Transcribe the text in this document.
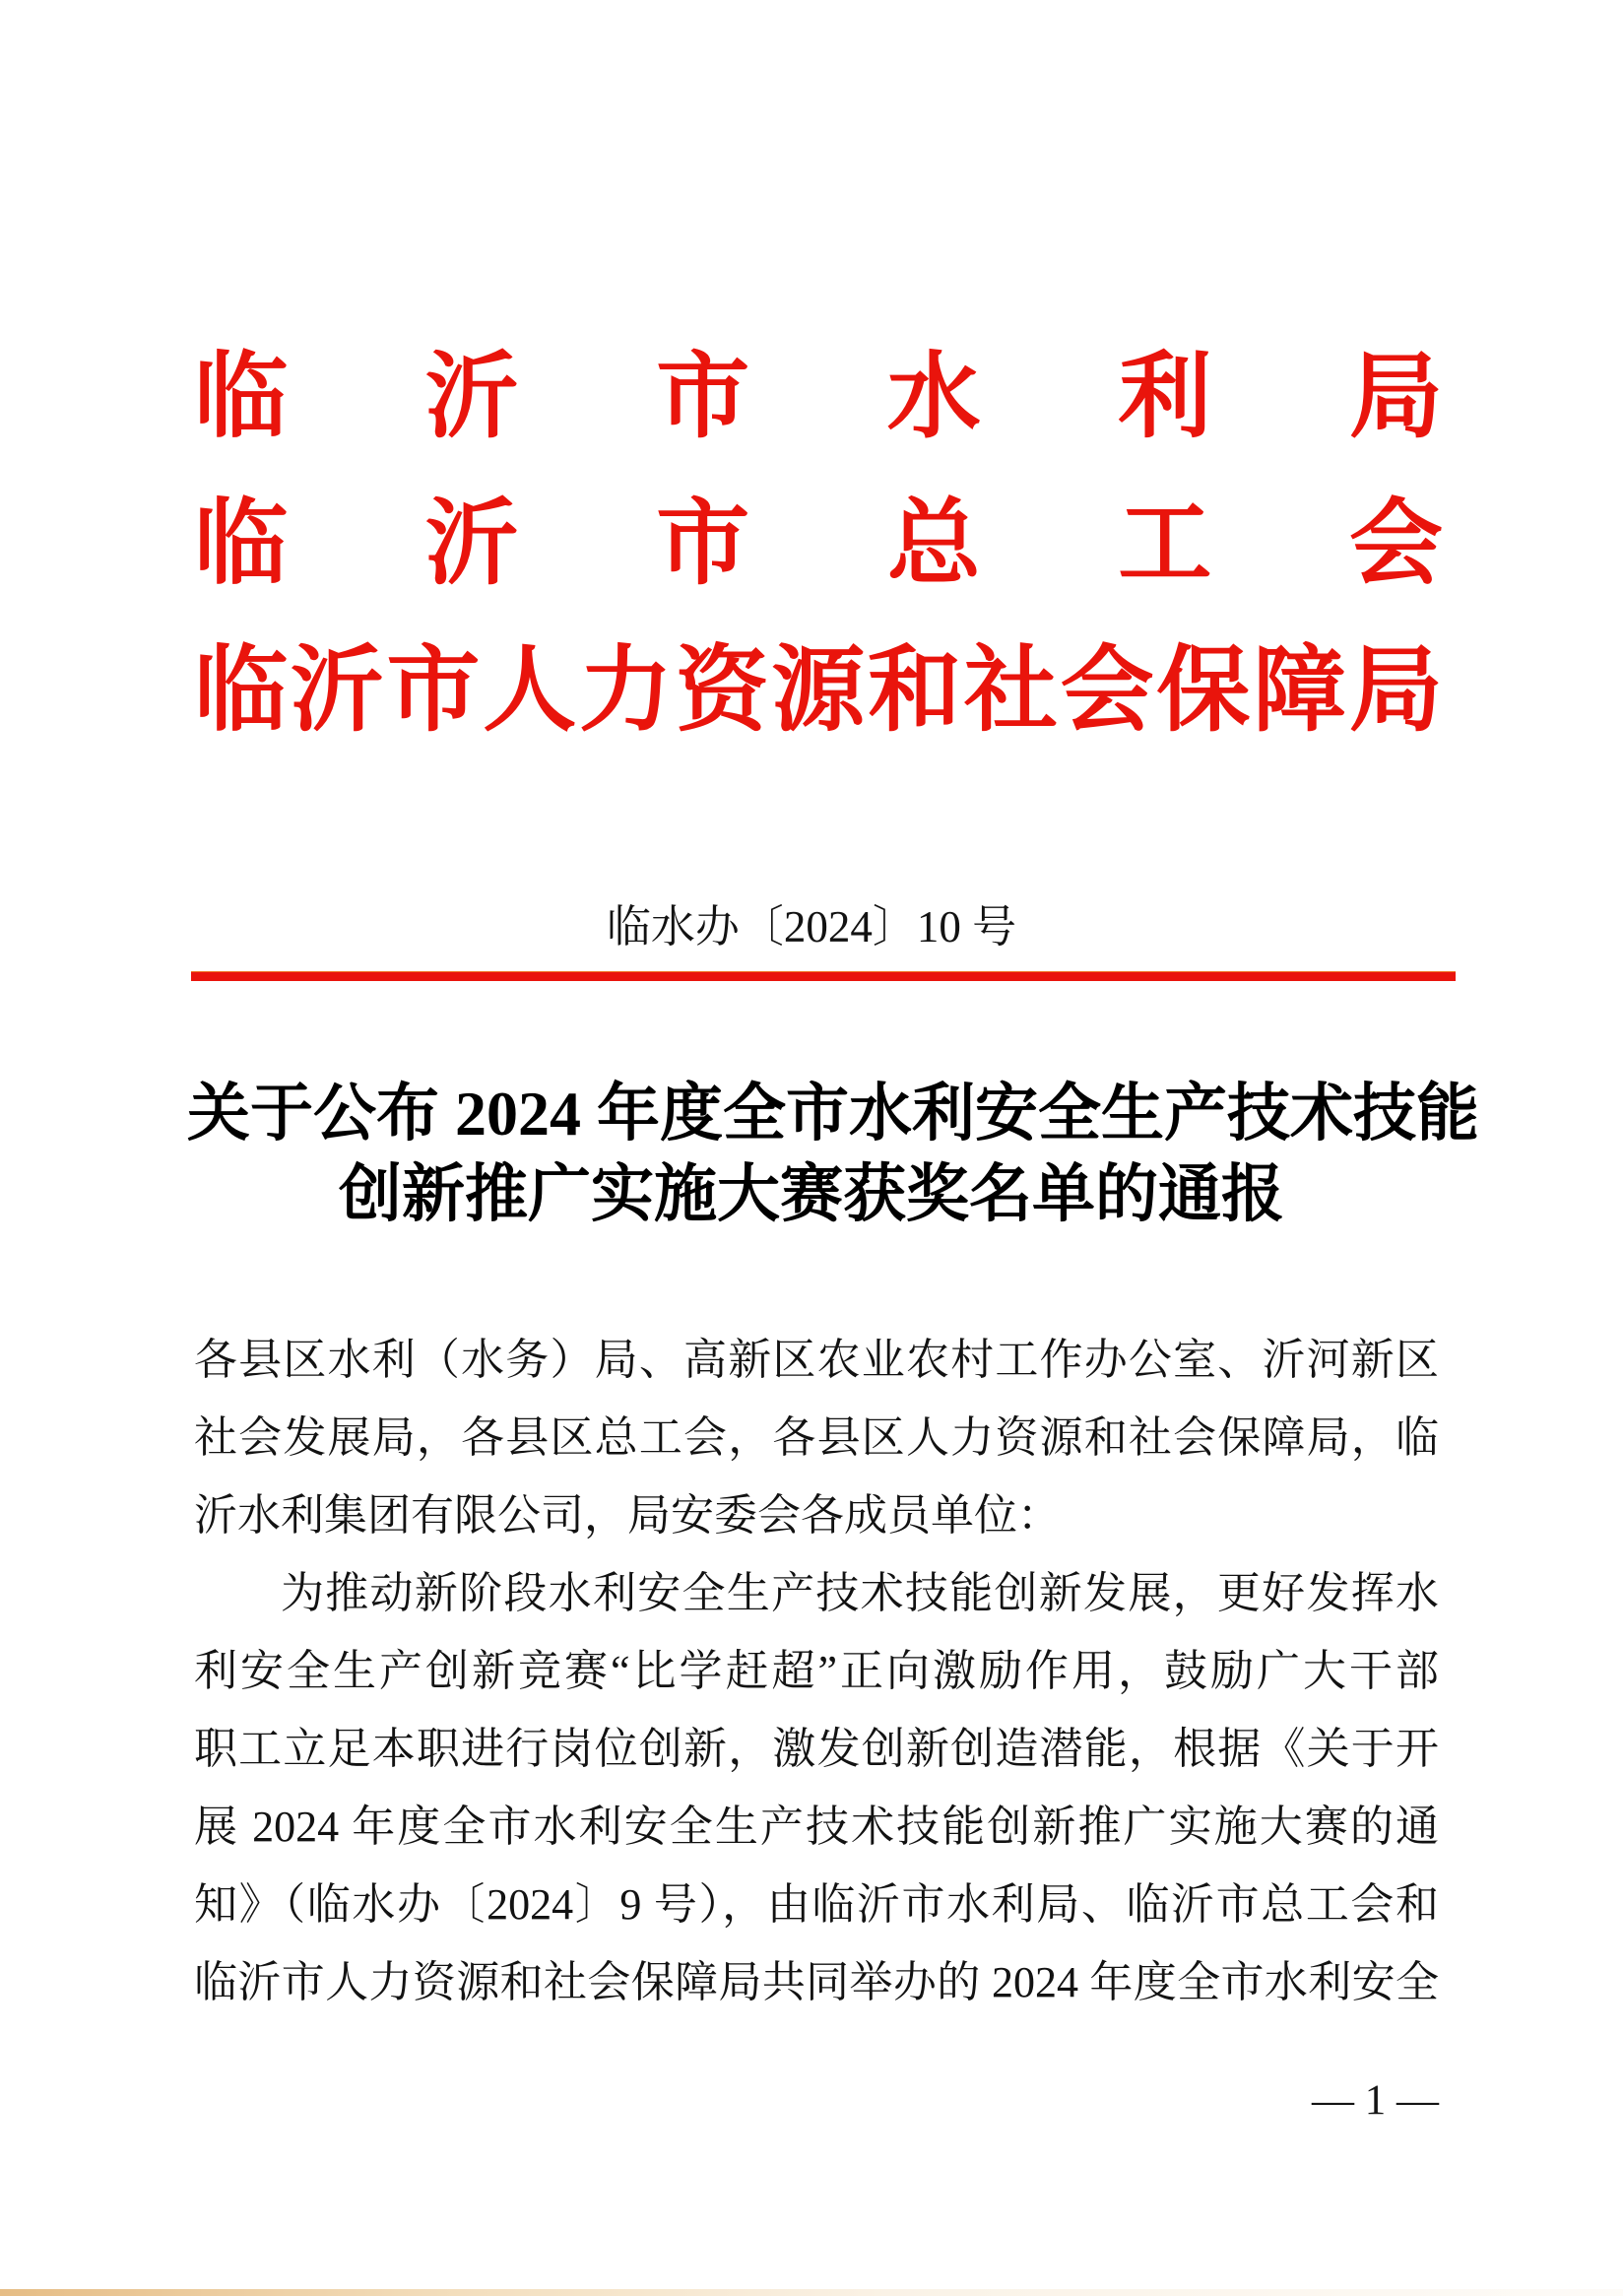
临 沂 市 水 利 局
临 沂 市 总 工 会
临 沂 市 人 力 资 源 和 社 会 保 障 局
临水办〔2024〕10 号
关于公布 2024 年度全市水利安全生产技术技能
创新推广实施大赛获奖名单的通报
各县区水利（水务）局、高新区农业农村工作办公室、沂河新区
社会发展局，各县区总工会，各县区人力资源和社会保障局，临
沂水利集团有限公司，局安委会各成员单位：
为推动新阶段水利安全生产技术技能创新发展，更好发挥水
利安全生产创新竞赛“比学赶超”正向激励作用，鼓励广大干部
职工立足本职进行岗位创新，激发创新创造潜能，根据《关于开
展 2024 年度全市水利安全生产技术技能创新推广实施大赛的通
知》（临水办〔2024〕9 号），由临沂市水利局、临沂市总工会和
临沂市人力资源和社会保障局共同举办的 2024 年度全市水利安全
— 1 —
